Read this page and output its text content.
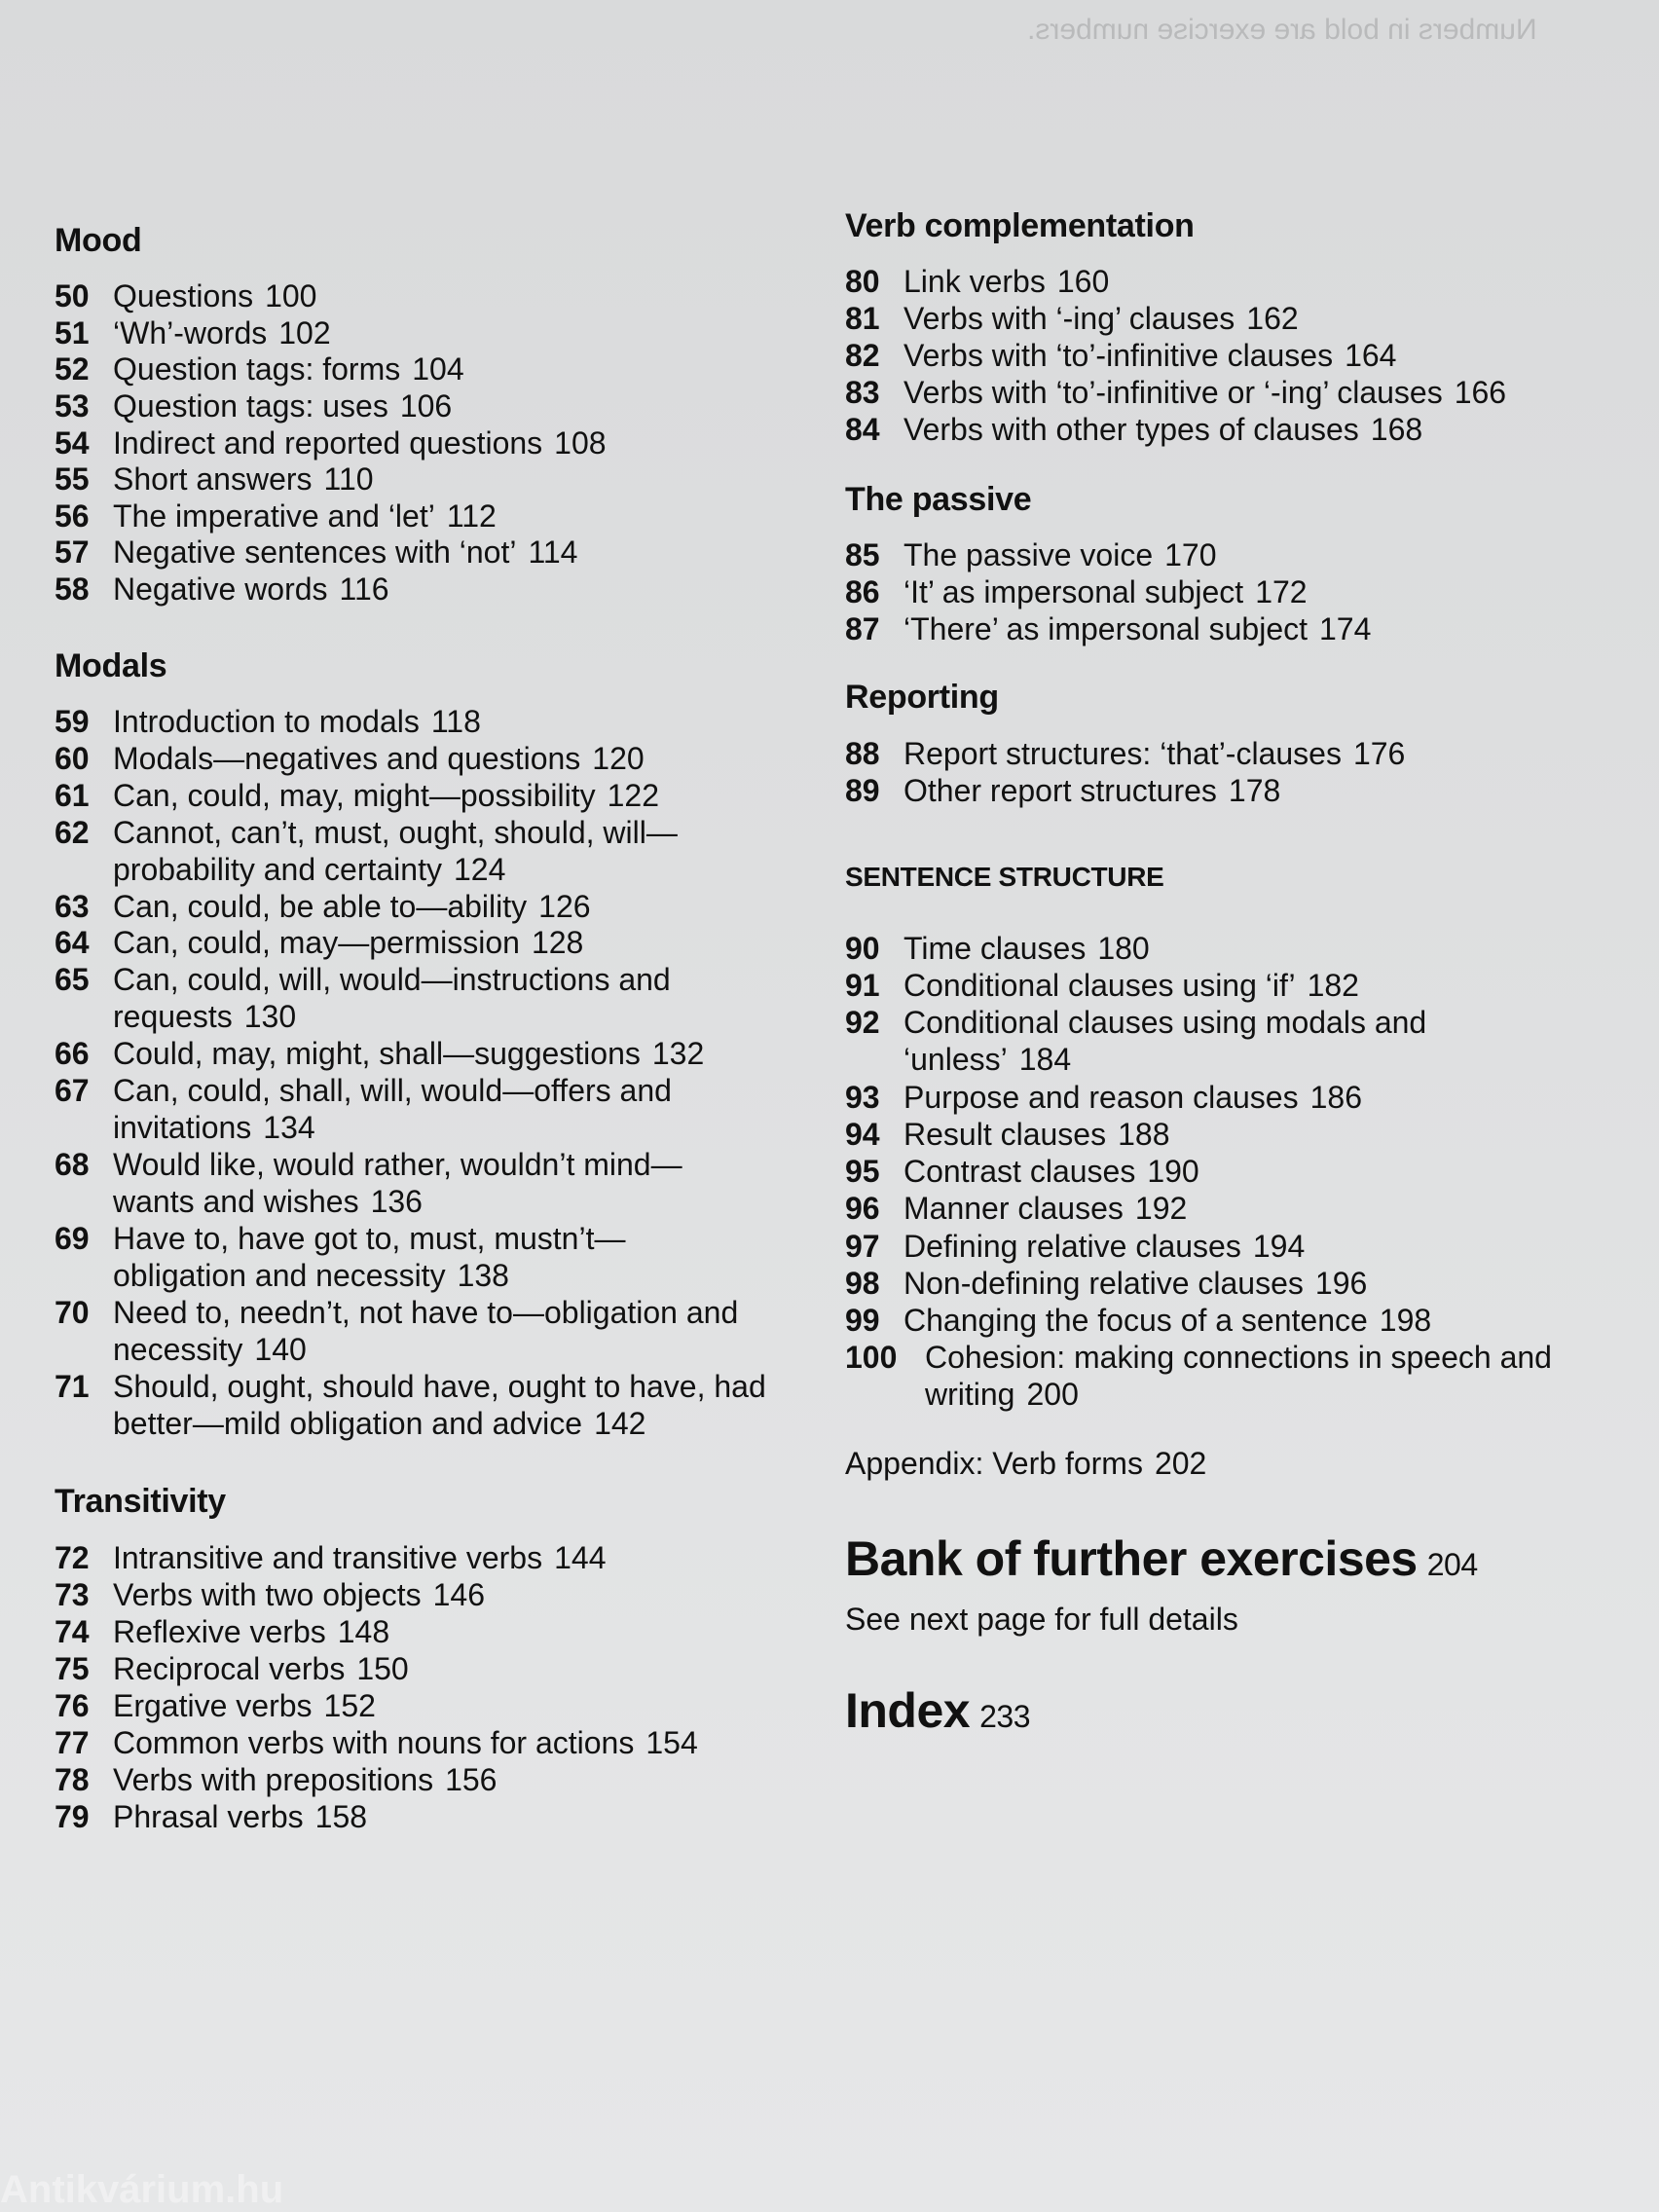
Numbers in bold are exercise numbers.
Mood
50 Questions 100
51 ‘Wh’-words 102
52 Question tags: forms 104
53 Question tags: uses 106
54 Indirect and reported questions 108
55 Short answers 110
56 The imperative and ‘let’ 112
57 Negative sentences with ‘not’ 114
58 Negative words 116
Modals
59 Introduction to modals 118
60 Modals—negatives and questions 120
61 Can, could, may, might—possibility 122
62 Cannot, can’t, must, ought, should, will—
probability and certainty 124
63 Can, could, be able to—ability 126
64 Can, could, may—permission 128
65 Can, could, will, would—instructions and
requests 130
66 Could, may, might, shall—suggestions 132
67 Can, could, shall, will, would—offers and
invitations 134
68 Would like, would rather, wouldn’t mind—
wants and wishes 136
69 Have to, have got to, must, mustn’t—
obligation and necessity 138
70 Need to, needn’t, not have to—obligation and
necessity 140
71 Should, ought, should have, ought to have, had
better—mild obligation and advice 142
Transitivity
72 Intransitive and transitive verbs 144
73 Verbs with two objects 146
74 Reflexive verbs 148
75 Reciprocal verbs 150
76 Ergative verbs 152
77 Common verbs with nouns for actions 154
78 Verbs with prepositions 156
79 Phrasal verbs 158
Verb complementation
80 Link verbs 160
81 Verbs with ‘-ing’ clauses 162
82 Verbs with ‘to’-infinitive clauses 164
83 Verbs with ‘to’-infinitive or ‘-ing’ clauses 166
84 Verbs with other types of clauses 168
The passive
85 The passive voice 170
86 ‘It’ as impersonal subject 172
87 ‘There’ as impersonal subject 174
Reporting
88 Report structures: ‘that’-clauses 176
89 Other report structures 178
SENTENCE STRUCTURE
90 Time clauses 180
91 Conditional clauses using ‘if’ 182
92 Conditional clauses using modals and
‘unless’ 184
93 Purpose and reason clauses 186
94 Result clauses 188
95 Contrast clauses 190
96 Manner clauses 192
97 Defining relative clauses 194
98 Non-defining relative clauses 196
99 Changing the focus of a sentence 198
100 Cohesion: making connections in speech and
writing 200
Appendix: Verb forms 202
Bank of further exercises 204
See next page for full details
Index 233
Antikvárium.hu
